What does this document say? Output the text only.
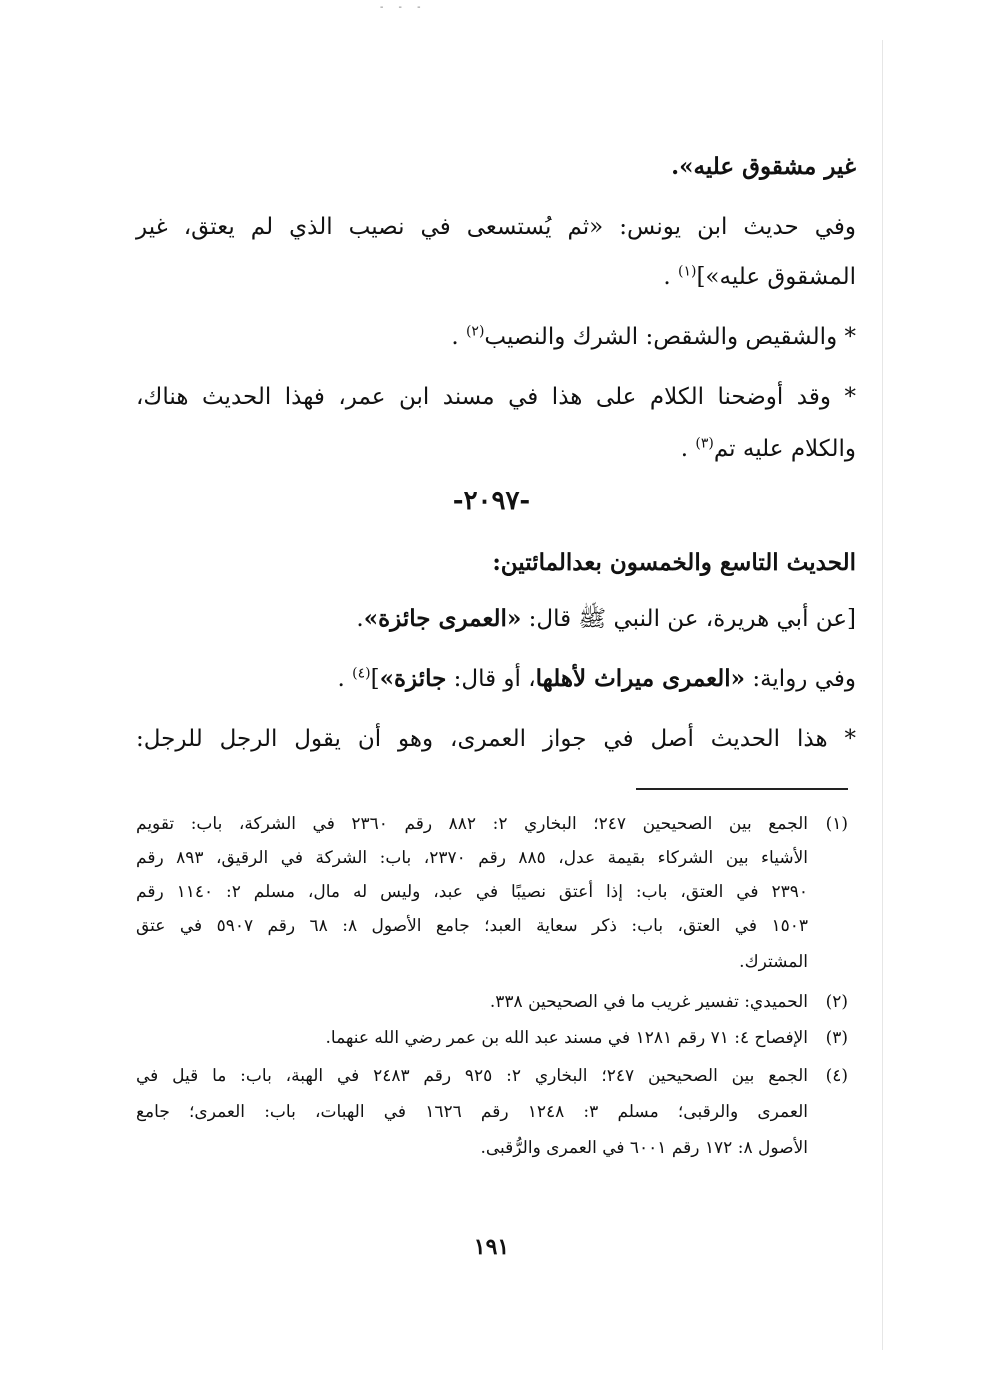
- - -
غير مشقوق عليه».
وفي حديث ابن يونس: «ثم يُستسعى في نصيب الذي لم يعتق، غير
المشقوق عليه»]$^{(١)}$ .
* والشقيص والشقص: الشرك والنصيب$^{(٢)}$ .
* وقد أوضحنا الكلام على هذا في مسند ابن عمر، فهذا الحديث هناك،
والكلام عليه تم$^{(٣)}$ .
-٢٠٩٧-
الحديث التاسع والخمسون بعدالمائتين:
[عن أبي هريرة، عن النبي ﷺ قال: «العمرى جائزة».
وفي رواية: «العمرى ميراث لأهلها، أو قال: جائزة»]$^{(٤)}$ .
* هذا الحديث أصل في جواز العمرى، وهو أن يقول الرجل للرجل:
(١)الجمع بين الصحيحين ٢٤٧؛ البخاري ٢: ٨٨٢ رقم ٢٣٦٠ في الشركة، باب: تقويم
الأشياء بين الشركاء بقيمة عدل، ٨٨٥ رقم ٢٣٧٠، باب: الشركة في الرقيق، ٨٩٣ رقم
٢٣٩٠ في العتق، باب: إذا أعتق نصيبًا في عبد، وليس له مال، مسلم ٢: ١١٤٠ رقم
١٥٠٣ في العتق، باب: ذكر سعاية العبد؛ جامع الأصول ٨: ٦٨ رقم ٥٩٠٧ في عتق
المشترك.
(٢)الحميدي: تفسير غريب ما في الصحيحين ٣٣٨.
(٣)الإفصاح ٤: ٧١ رقم ١٢٨١ في مسند عبد الله بن عمر رضي الله عنهما.
(٤)الجمع بين الصحيحين ٢٤٧؛ البخاري ٢: ٩٢٥ رقم ٢٤٨٣ في الهبة، باب: ما قيل في
العمرى والرقبى؛ مسلم ٣: ١٢٤٨ رقم ١٦٢٦ في الهبات، باب: العمرى؛ جامع
الأصول ٨: ١٧٢ رقم ٦٠٠١ في العمرى والرُّقبى.
١٩١
